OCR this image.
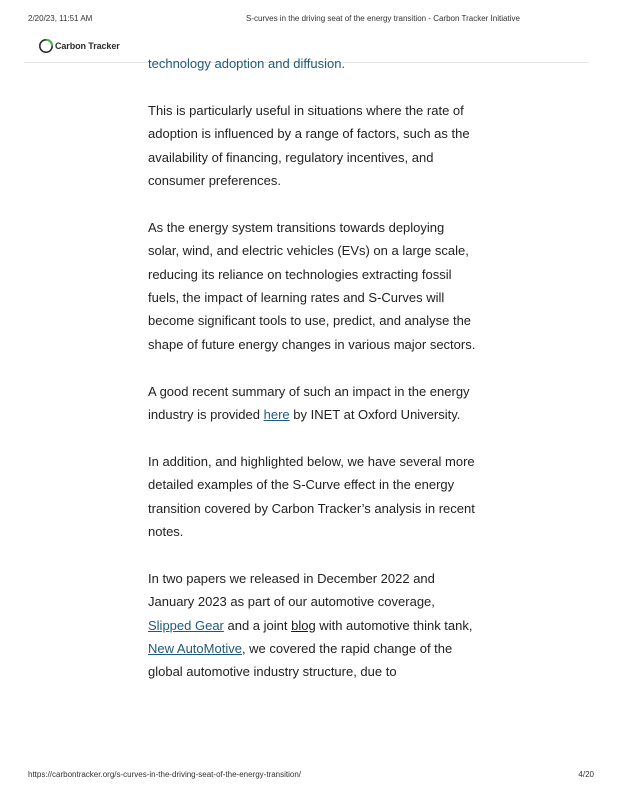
2/20/23, 11:51 AM	S-curves in the driving seat of the energy transition - Carbon Tracker Initiative
Carbon Tracker

technology adoption and diffusion.

This is particularly useful in situations where the rate of adoption is influenced by a range of factors, such as the availability of financing, regulatory incentives, and consumer preferences.

As the energy system transitions towards deploying solar, wind, and electric vehicles (EVs) on a large scale, reducing its reliance on technologies extracting fossil fuels, the impact of learning rates and S-Curves will become significant tools to use, predict, and analyse the shape of future energy changes in various major sectors.

A good recent summary of such an impact in the energy industry is provided here by INET at Oxford University.

In addition, and highlighted below, we have several more detailed examples of the S-Curve effect in the energy transition covered by Carbon Tracker’s analysis in recent notes.

In two papers we released in December 2022 and January 2023 as part of our automotive coverage, Slipped Gear and a joint blog with automotive think tank, New AutoMotive, we covered the rapid change of the global automotive industry structure, due to

https://carbontracker.org/s-curves-in-the-driving-seat-of-the-energy-transition/	4/20
